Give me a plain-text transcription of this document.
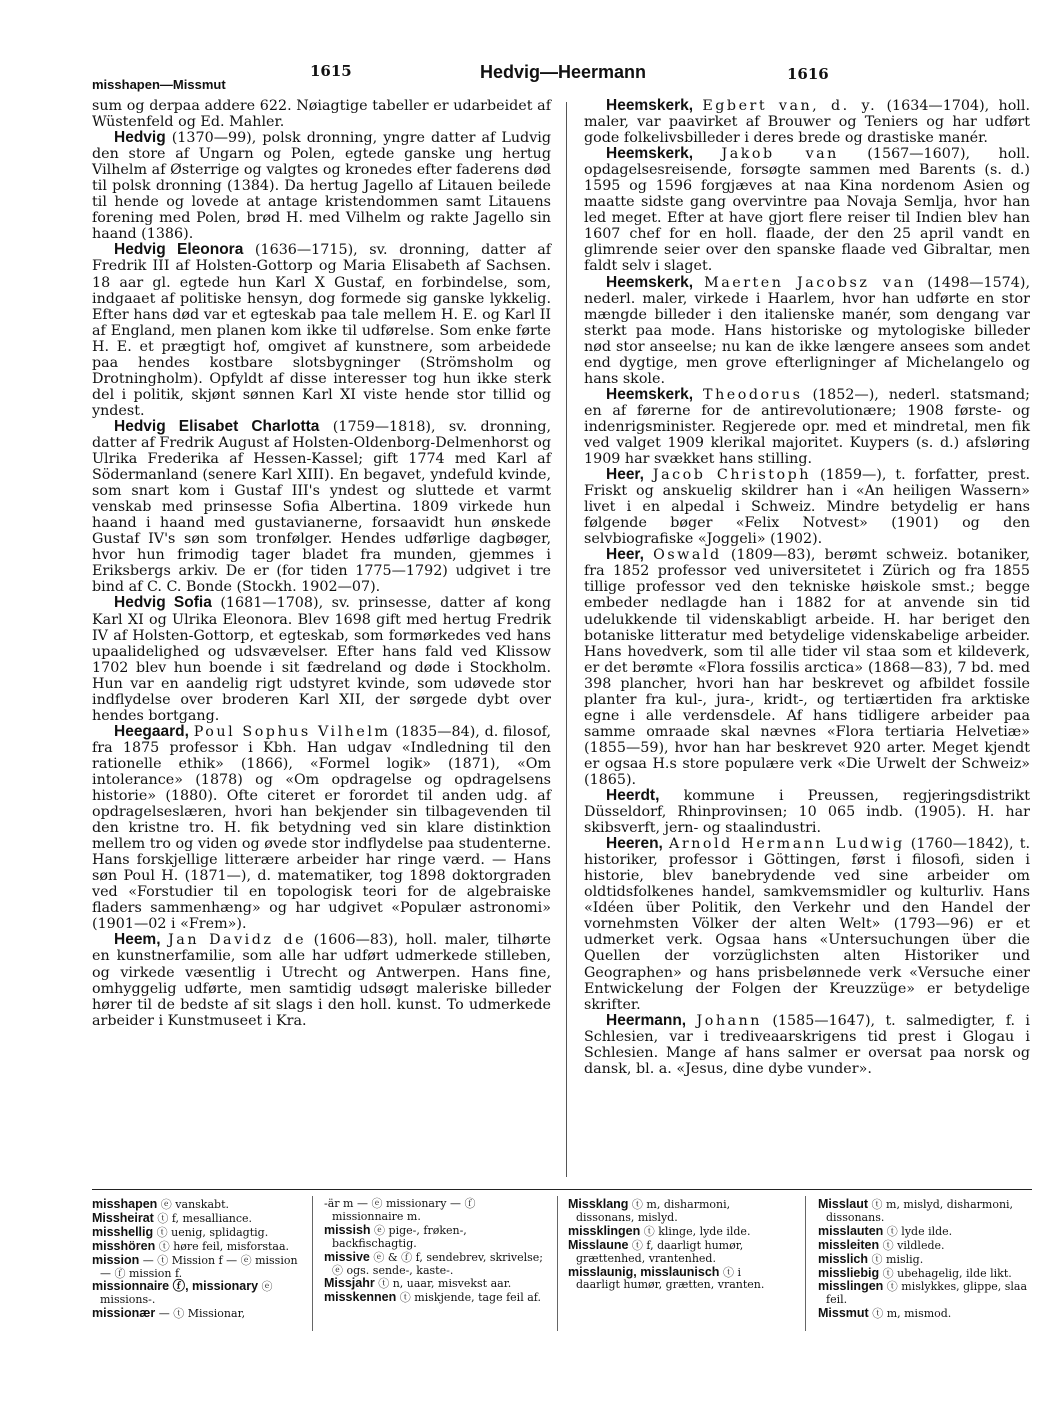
misshapen—Missmut
1615	Hedvig—Heermann	1616

sum og derpaa addere 622. Nøiagtige tabeller er udarbeidet af Wüstenfeld og Ed. Mahler.

Hedvig (1370—99), polsk dronning, yngre datter af Ludvig den store af Ungarn og Polen, egtede ganske ung hertug Vilhelm af Østerrige og valgtes og kronedes efter faderens død til polsk dronning (1384). Da hertug Jagello af Litauen beilede til hende og lovede at antage kristendommen samt Litauens forening med Polen, brød H. med Vilhelm og rakte Jagello sin haand (1386).

Hedvig Eleonora (1636—1715), sv. dronning, datter af Fredrik III af Holsten-Gottorp og Maria Elisabeth af Sachsen. 18 aar gl. egtede hun Karl X Gustaf, en forbindelse, som, indgaaet af politiske hensyn, dog formede sig ganske lykkelig. Efter hans død var et egteskab paa tale mellem H. E. og Karl II af England, men planen kom ikke til udførelse. Som enke førte H. E. et prægtigt hof, omgivet af kunstnere, som arbeidede paa hendes kostbare slotsbygninger (Strömsholm og Drotningholm). Opfyldt af disse interesser tog hun ikke sterk del i politik, skjønt sønnen Karl XI viste hende stor tillid og yndest.

Hedvig Elisabet Charlotta (1759—1818), sv. dronning, datter af Fredrik August af Holsten-Oldenborg-Delmenhorst og Ulrika Frederika af Hessen-Kassel; gift 1774 med Karl af Södermanland (senere Karl XIII). En begavet, yndefuld kvinde, som snart kom i Gustaf III's yndest og sluttede et varmt venskab med prinsesse Sofia Albertina. 1809 virkede hun haand i haand med gustavianerne, forsaavidt hun ønskede Gustaf IV's søn som tronfølger. Hendes udførlige dagbøger, hvor hun frimodig tager bladet fra munden, gjemmes i Eriksbergs arkiv. De er (for tiden 1775—1792) udgivet i tre bind af C. C. Bonde (Stockh. 1902—07).

Hedvig Sofia (1681—1708), sv. prinsesse, datter af kong Karl XI og Ulrika Eleonora. Blev 1698 gift med hertug Fredrik IV af Holsten-Gottorp, et egteskab, som formørkedes ved hans upaalidelighed og udsvævelser. Efter hans fald ved Klissow 1702 blev hun boende i sit fædreland og døde i Stockholm. Hun var en aandelig rigt udstyret kvinde, som udøvede stor indflydelse over broderen Karl XII, der sørgede dybt over hendes bortgang.

Heegaard, Poul Sophus Vilhelm (1835—84), d. filosof, fra 1875 professor i Kbh. Han udgav «Indledning til den rationelle ethik» (1866), «Formel logik» (1871), «Om intolerance» (1878) og «Om opdragelse og opdragelsens historie» (1880). Ofte citeret er forordet til anden udg. af opdragelseslæren, hvori han bekjender sin tilbagevenden til den kristne tro. H. fik betydning ved sin klare distinktion mellem tro og viden og øvede stor indflydelse paa studenterne. Hans forskjellige litterære arbeider har ringe værd. — Hans søn Poul H. (1871—), d. matematiker, tog 1898 doktorgraden ved «Forstudier til en topologisk teori for de algebraiske fladers sammenhæng» og har udgivet «Populær astronomi» (1901—02 i «Frem»).

Heem, Jan Davidz de (1606—83), holl. maler, tilhørte en kunstnerfamilie, som alle har udført udmerkede stilleben, og virkede væsentlig i Utrecht og Antwerpen. Hans fine, omhyggelig udførte, men samtidig udsøgt maleriske billeder hører til de bedste af sit slags i den holl. kunst. To udmerkede arbeider i Kunstmuseet i Kra.

Heemskerk, Egbert van, d. y. (1634—1704), holl. maler, var paavirket af Brouwer og Teniers og har udført gode folkelivsbilleder i deres brede og drastiske manér.

Heemskerk, Jakob van (1567—1607), holl. opdagelsesreisende, forsøgte sammen med Barents (s. d.) 1595 og 1596 forgjæves at naa Kina nordenom Asien og maatte sidste gang overvintre paa Novaja Semlja, hvor han led meget. Efter at have gjort flere reiser til Indien blev han 1607 chef for en holl. flaade, der den 25 april vandt en glimrende seier over den spanske flaade ved Gibraltar, men faldt selv i slaget.

Heemskerk, Maerten Jacobsz van (1498—1574), nederl. maler, virkede i Haarlem, hvor han udførte en stor mængde billeder i den italienske manér, som dengang var sterkt paa mode. Hans historiske og mytologiske billeder nød stor anseelse; nu kan de ikke længere ansees som andet end dygtige, men grove efterligninger af Michelangelo og hans skole.

Heemskerk, Theodorus (1852—), nederl. statsmand; en af førerne for de antirevolutionære; 1908 første- og indenrigsminister. Regjerede opr. med et mindretal, men fik ved valget 1909 klerikal majoritet. Kuypers (s. d.) afsløring 1909 har svækket hans stilling.

Heer, Jacob Christoph (1859—), t. forfatter, prest. Friskt og anskuelig skildrer han i «An heiligen Wassern» livet i en alpedal i Schweiz. Mindre betydelig er hans følgende bøger «Felix Notvest» (1901) og den selvbiografiske «Joggeli» (1902).

Heer, Oswald (1809—83), berømt schweiz. botaniker, fra 1852 professor ved universitetet i Zürich og fra 1855 tillige professor ved den tekniske høiskole smst.; begge embeder nedlagde han i 1882 for at anvende sin tid udelukkende til videnskabligt arbeide. H. har beriget den botaniske litteratur med betydelige videnskabelige arbeider. Hans hovedverk, som til alle tider vil staa som et kildeverk, er det berømte «Flora fossilis arctica» (1868—83), 7 bd. med 398 plancher, hvori han har beskrevet og afbildet fossile planter fra kul-, jura-, kridt-, og tertiærtiden fra arktiske egne i alle verdensdele. Af hans tidligere arbeider paa samme omraade skal nævnes «Flora tertiaria Helvetiæ» (1855—59), hvor han har beskrevet 920 arter. Meget kjendt er ogsaa H.s store populære verk «Die Urwelt der Schweiz» (1865).

Heerdt, kommune i Preussen, regjeringsdistrikt Düsseldorf, Rhinprovinsen; 10 065 indb. (1905). H. har skibsverft, jern- og staalindustri.

Heeren, Arnold Hermann Ludwig (1760—1842), t. historiker, professor i Göttingen, først i filosofi, siden i historie, blev banebrydende ved sine arbeider om oldtidsfolkenes handel, samkvemsmidler og kulturliv. Hans «Idéen über Politik, den Verkehr und den Handel der vornehmsten Völker der alten Welt» (1793—96) er et udmerket verk. Ogsaa hans «Untersuchungen über die Quellen der vorzüglichsten alten Historiker und Geographen» og hans prisbelønnede verk «Versuche einer Entwickelung der Folgen der Kreuzzüge» er betydelige skrifter.

Heermann, Johann (1585—1647), t. salmedigter, f. i Schlesien, var i trediveaarskrigens tid prest i Glogau i Schlesien. Mange af hans salmer er oversat paa norsk og dansk, bl. a. «Jesus, dine dybe vunder».

misshapen ⓔ vanskabt.

Missheirat ⓣ f, mesalliance.

misshellig ⓣ uenig, splidagtig.

misshören ⓣ høre feil, misforstaa.

mission — ⓣ Mission f — ⓔ mission — ⓕ mission f.

missionnaire ⓕ, missionary ⓔ missions-.

missionær — ⓣ Missionar,

-är m — ⓔ missionary — ⓕ missionnaire m.

missish ⓔ pige-, frøken-, backfischagtig.

missive ⓔ & ⓕ f, sendebrev, skrivelse; ⓔ ogs. sende-, kaste-.

Missjahr ⓣ n, uaar, misvekst aar.

misskennen ⓣ miskjende, tage feil af.

Missklang ⓣ m, disharmoni, dissonans, mislyd.

missklingen ⓣ klinge, lyde ilde.

Misslaune ⓣ f, daarligt humør, grættenhed, vrantenhed.

misslaunig, misslaunisch ⓣ i daarligt humør, grætten, vranten.

Misslaut ⓣ m, mislyd, disharmoni, dissonans.

misslauten ⓣ lyde ilde.

missleiten ⓣ vildlede.

misslich ⓣ mislig.

missliebig ⓣ ubehagelig, ilde likt.

misslingen ⓣ mislykkes, glippe, slaa feil.

Missmut ⓣ m, mismod.
